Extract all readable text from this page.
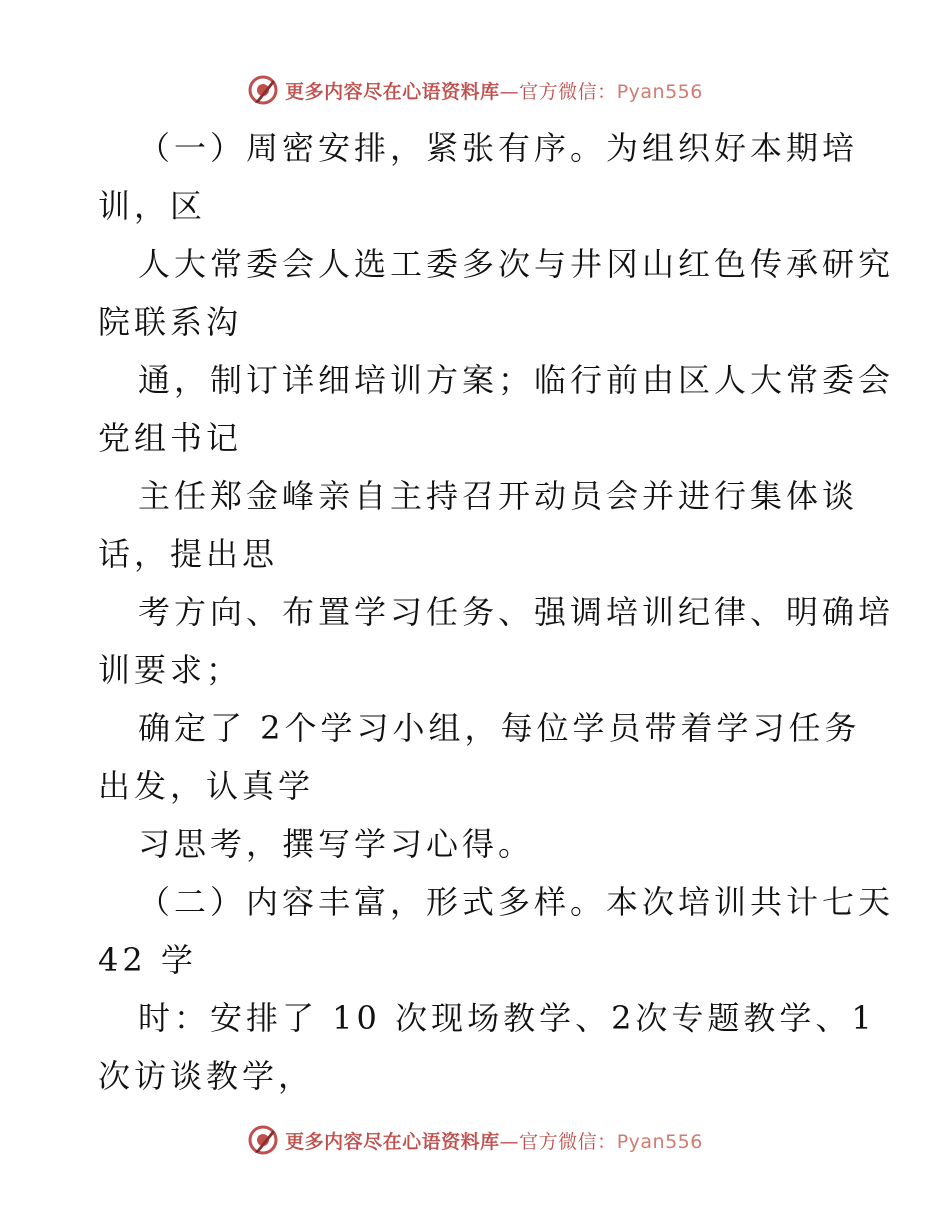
更多内容尽在心语资料库—官方微信：Pyan556
（一）周密安排，紧张有序。为组织好本期培
训，区
人大常委会人选工委多次与井冈山红色传承研究
院联系沟
通，制订详细培训方案；临行前由区人大常委会
党组书记
主任郑金峰亲自主持召开动员会并进行集体谈
话，提出思
考方向、布置学习任务、强调培训纪律、明确培
训要求；
确定了 2个学习小组，每位学员带着学习任务
出发，认真学
习思考，撰写学习心得。
（二）内容丰富，形式多样。本次培训共计七天
42 学
时：安排了 10 次现场教学、2次专题教学、1
次访谈教学，
更多内容尽在心语资料库—官方微信：Pyan556
